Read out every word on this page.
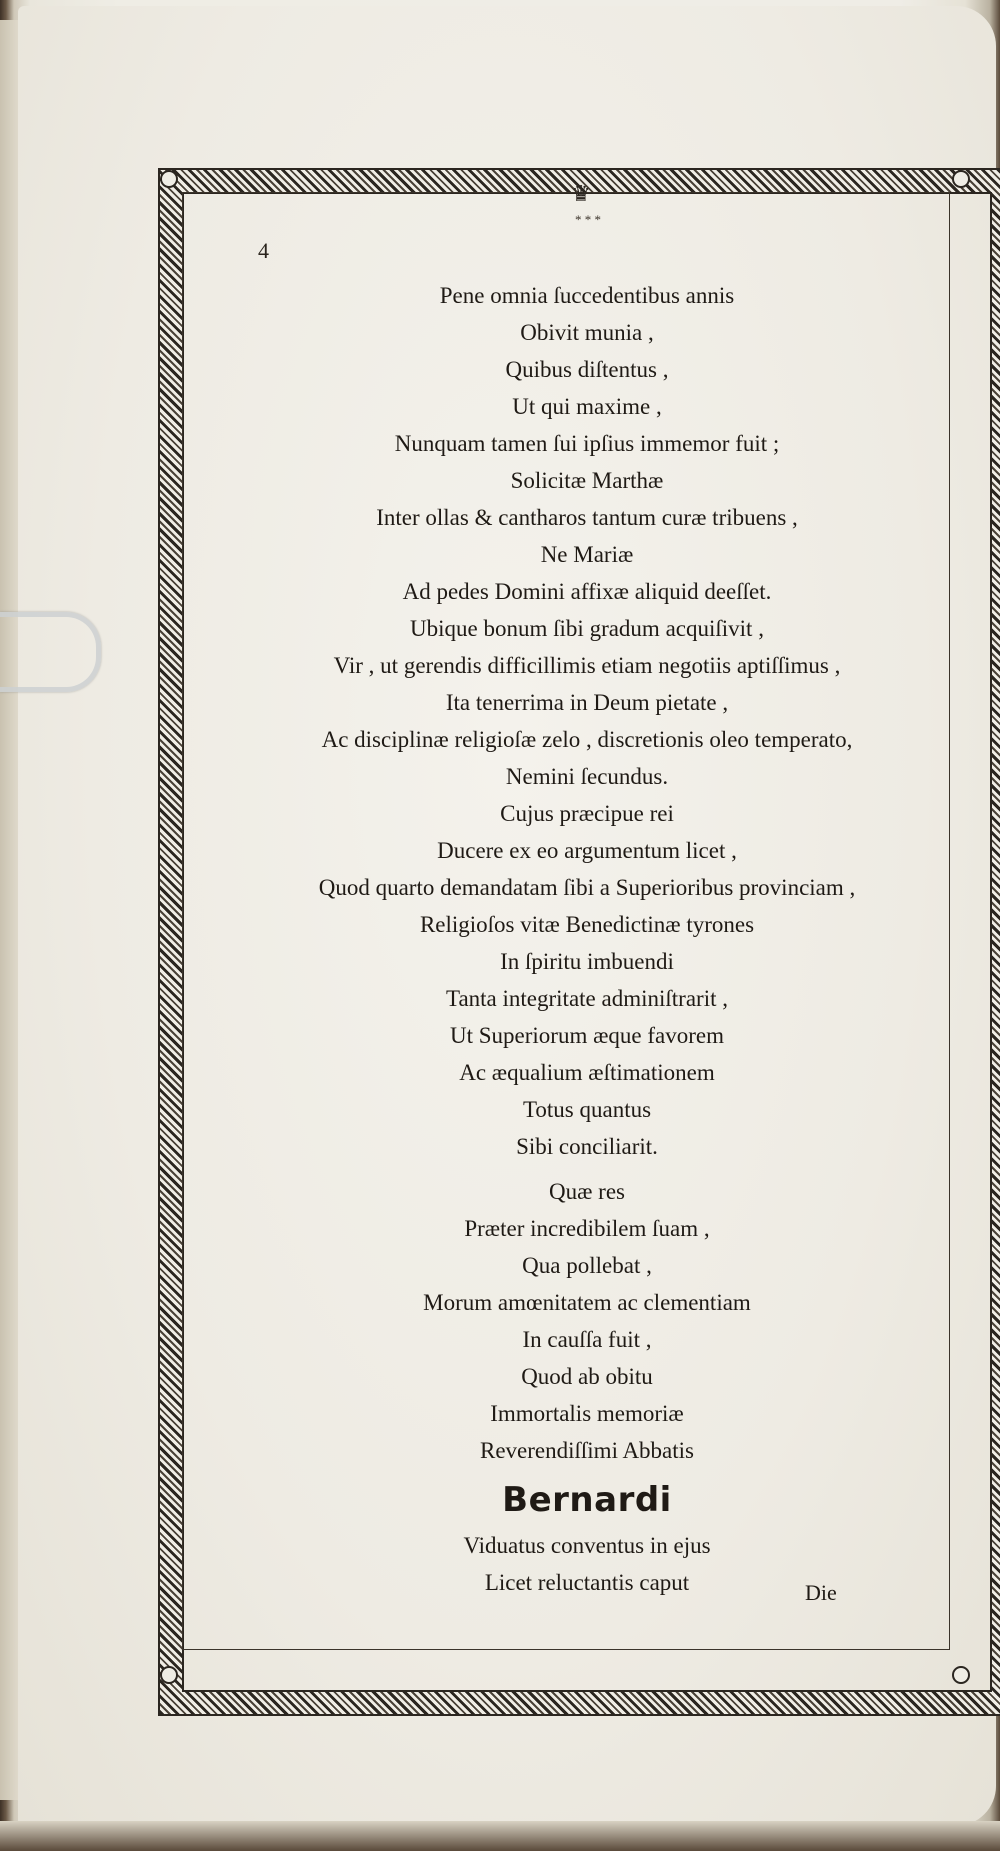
♛
* * *
4
Pene omnia ſuccedentibus annis
Obivit munia ,
Quibus diſtentus ,
Ut qui maxime ,
Nunquam tamen ſui ipſius immemor fuit ;
Solicitæ Marthæ
Inter ollas & cantharos tantum curæ tribuens ,
Ne Mariæ
Ad pedes Domini affixæ aliquid deeſſet.
Ubique bonum ſibi gradum acquiſivit ,
Vir , ut gerendis difficillimis etiam negotiis aptiſſimus ,
Ita tenerrima in Deum pietate ,
Ac disciplinæ religioſæ zelo , discretionis oleo temperato,
Nemini ſecundus.
Cujus præcipue rei
Ducere ex eo argumentum licet ,
Quod quarto demandatam ſibi a Superioribus provinciam ,
Religioſos vitæ Benedictinæ tyrones
In ſpiritu imbuendi
Tanta integritate adminiſtrarit ,
Ut Superiorum æque favorem
Ac æqualium æſtimationem
Totus quantus
Sibi conciliarit.
Quæ res
Præter incredibilem ſuam ,
Qua pollebat ,
Morum amœnitatem ac clementiam
In cauſſa fuit ,
Quod ab obitu
Immortalis memoriæ
Reverendiſſimi Abbatis
Bernardi
Viduatus conventus in ejus
Licet reluctantis caput	Die
